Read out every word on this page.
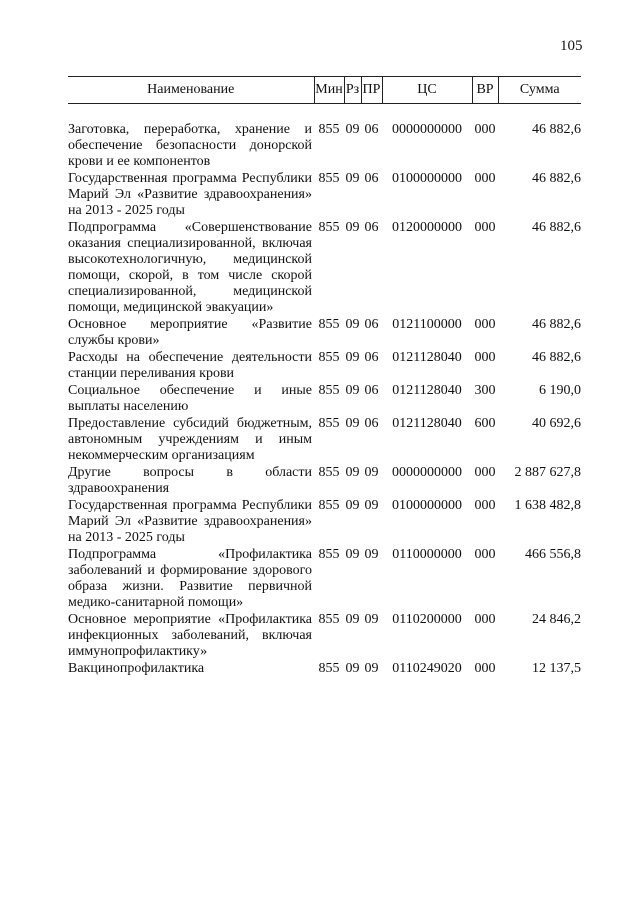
105
Наименование	Мин	Рз	ПР	ЦС	ВР	Сумма

Заготовка, переработка, хранение и обеспечение безопасности донорской крови и ее компонентов	855	09	06	0000000000	000	46 882,6
Государственная программа Республики Марий Эл «Развитие здравоохранения» на 2013 - 2025 годы	855	09	06	0100000000	000	46 882,6
Подпрограмма «Совершенствование оказания специализированной, включая высокотехнологичную, медицинской помощи, скорой, в том числе скорой специализированной, медицинской помощи, медицинской эвакуации»	855	09	06	0120000000	000	46 882,6
Основное мероприятие «Развитие службы крови»	855	09	06	0121100000	000	46 882,6
Расходы на обеспечение деятельности станции переливания крови	855	09	06	0121128040	000	46 882,6
Социальное обеспечение и иные выплаты населению	855	09	06	0121128040	300	6 190,0
Предоставление субсидий бюджетным, автономным учреждениям и иным некоммерческим организациям	855	09	06	0121128040	600	40 692,6
Другие вопросы в области здравоохранения	855	09	09	0000000000	000	2 887 627,8
Государственная программа Республики Марий Эл «Развитие здравоохранения» на 2013 - 2025 годы	855	09	09	0100000000	000	1 638 482,8
Подпрограмма «Профилактика заболеваний и формирование здорового образа жизни. Развитие первичной медико-санитарной помощи»	855	09	09	0110000000	000	466 556,8
Основное мероприятие «Профилактика инфекционных заболеваний, включая иммунопрофилактику»	855	09	09	0110200000	000	24 846,2
Вакцинопрофилактика	855	09	09	0110249020	000	12 137,5
